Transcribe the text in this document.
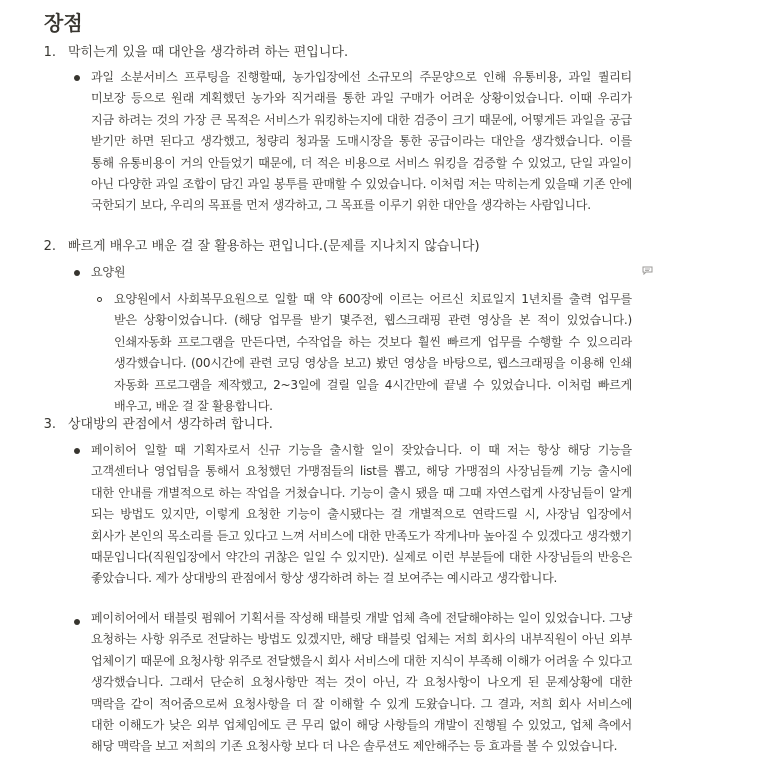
장점
1. 막히는게 있을 때 대안을 생각하려 하는 편입니다.
과일 소분서비스 프루팅을 진행할때, 농가입장에선 소규모의 주문양으로 인해 유통비용, 과일 퀄리티 미보장 등으로 원래 계획했던 농가와 직거래를 통한 과일 구매가 어려운 상황이었습니다. 이때 우리가 지금 하려는 것의 가장 큰 목적은 서비스가 워킹하는지에 대한 검증이 크기 때문에, 어떻게든 과일을 공급 받기만 하면 된다고 생각했고, 청량리 청과물 도매시장을 통한 공급이라는 대안을 생각했습니다. 이를 통해 유통비용이 거의 안들었기 때문에, 더 적은 비용으로 서비스 워킹을 검증할 수 있었고, 단일 과일이 아닌 다양한 과일 조합이 담긴 과일 봉투를 판매할 수 있었습니다. 이처럼 저는 막히는게 있을때 기존 안에 국한되기 보다, 우리의 목표를 먼저 생각하고, 그 목표를 이루기 위한 대안을 생각하는 사람입니다.
2. 빠르게 배우고 배운 걸 잘 활용하는 편입니다.(문제를 지나치지 않습니다)
요양원
요양원에서 사회복무요원으로 일할 때 약 600장에 이르는 어르신 치료일지 1년치를 출력 업무를 받은 상황이었습니다. (해당 업무를 받기 몇주전, 웹스크래핑 관련 영상을 본 적이 있었습니다.) 인쇄자동화 프로그램을 만든다면, 수작업을 하는 것보다 훨씬 빠르게 업무를 수행할 수 있으리라 생각했습니다. (00시간에 관련 코딩 영상을 보고) 봤던 영상을 바탕으로, 웹스크래핑을 이용해 인쇄 자동화 프로그램을 제작했고, 2~3일에 걸릴 일을 4시간만에 끝낼 수 있었습니다. 이처럼 빠르게 배우고, 배운 걸 잘 활용합니다.
3. 상대방의 관점에서 생각하려 합니다.
페이히어 일할 때 기획자로서 신규 기능을 출시할 일이 잦았습니다. 이 때 저는 항상 해당 기능을 고객센터나 영업팀을 통해서 요청했던 가맹점들의 list를 뽑고, 해당 가맹점의 사장님들께 기능 출시에 대한 안내를 개별적으로 하는 작업을 거쳤습니다. 기능이 출시 됐을 때 그때 자연스럽게 사장님들이 알게 되는 방법도 있지만, 이렇게 요청한 기능이 출시됐다는 걸 개별적으로 연락드릴 시, 사장님 입장에서 회사가 본인의 목소리를 듣고 있다고 느껴 서비스에 대한 만족도가 작게나마 높아질 수 있겠다고 생각했기 때문입니다(직원입장에서 약간의 귀찮은 일일 수 있지만). 실제로 이런 부분들에 대한 사장님들의 반응은 좋았습니다. 제가 상대방의 관점에서 항상 생각하려 하는 걸 보여주는 예시라고 생각합니다.
페이히어에서 태블릿 펌웨어 기획서를 작성해 태블릿 개발 업체 측에 전달해야하는 일이 있었습니다. 그냥 요청하는 사항 위주로 전달하는 방법도 있겠지만, 해당 태블릿 업체는 저희 회사의 내부직원이 아닌 외부 업체이기 때문에 요청사항 위주로 전달했을시 회사 서비스에 대한 지식이 부족해 이해가 어려울 수 있다고 생각했습니다. 그래서 단순히 요청사항만 적는 것이 아닌, 각 요청사항이 나오게 된 문제상황에 대한 맥락을 같이 적어줌으로써 요청사항을 더 잘 이해할 수 있게 도왔습니다. 그 결과, 저희 회사 서비스에 대한 이해도가 낮은 외부 업체임에도 큰 무리 없이 해당 사항들의 개발이 진행될 수 있었고, 업체 측에서 해당 맥락을 보고 저희의 기존 요청사항 보다 더 나은 솔루션도 제안해주는 등 효과를 볼 수 있었습니다.
